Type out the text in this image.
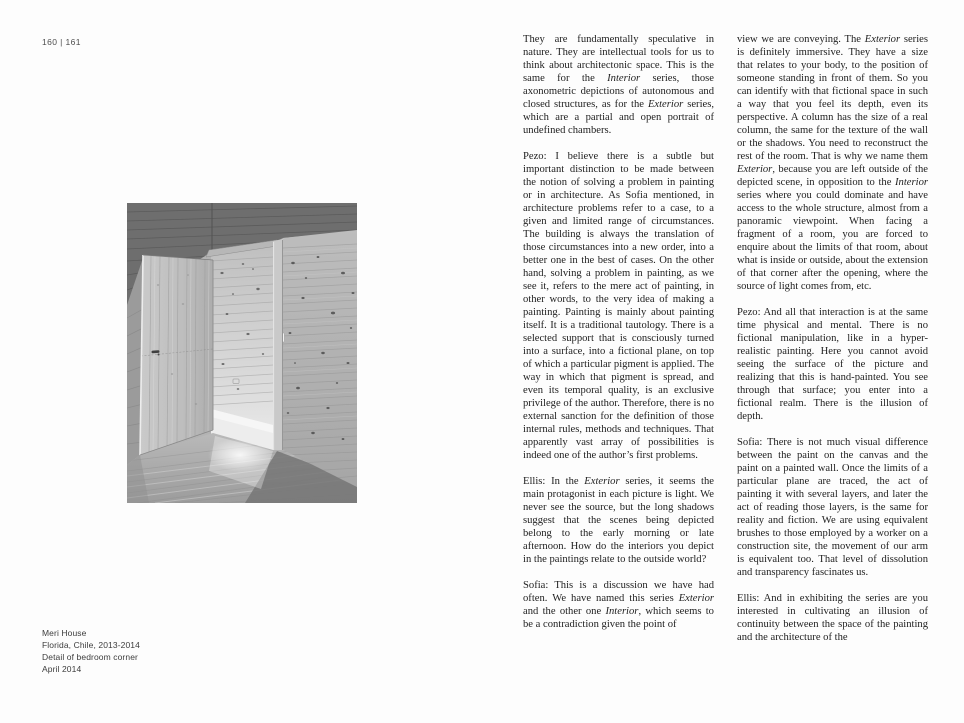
160 | 161
Meri House
Florida, Chile, 2013-2014
Detail of bedroom corner
April 2014

They are fundamentally speculative in nature. They are intellectual tools for us to think about architectonic space. This is the same for the Interior series, those axonometric depictions of autonomous and closed structures, as for the Exterior series, which are a partial and open portrait of undefined chambers.

Pezo: I believe there is a subtle but important distinction to be made between the notion of solving a problem in painting or in architecture. As Sofia mentioned, in architecture problems refer to a case, to a given and limited range of circumstances. The building is always the translation of those circumstances into a new order, into a better one in the best of cases. On the other hand, solving a problem in painting, as we see it, refers to the mere act of painting, in other words, to the very idea of making a painting. Painting is mainly about painting itself. It is a traditional tautology. There is a selected support that is consciously turned into a surface, into a fictional plane, on top of which a particular pigment is applied. The way in which that pigment is spread, and even its temporal quality, is an exclusive privilege of the author. Therefore, there is no external sanction for the definition of those internal rules, methods and techniques. That apparently vast array of possibilities is indeed one of the author’s first problems.

Ellis: In the Exterior series, it seems the main protagonist in each picture is light. We never see the source, but the long shadows suggest that the scenes being depicted belong to the early morning or late afternoon. How do the interiors you depict in the paintings relate to the outside world?

Sofia: This is a discussion we have had often. We have named this series Exterior and the other one Interior, which seems to be a contradiction given the point of

view we are conveying. The Exterior series is definitely immersive. They have a size that relates to your body, to the position of someone standing in front of them. So you can identify with that fictional space in such a way that you feel its depth, even its perspective. A column has the size of a real column, the same for the texture of the wall or the shadows. You need to reconstruct the rest of the room. That is why we name them Exterior, because you are left outside of the depicted scene, in opposition to the Interior series where you could dominate and have access to the whole structure, almost from a panoramic viewpoint. When facing a fragment of a room, you are forced to enquire about the limits of that room, about what is inside or outside, about the extension of that corner after the opening, where the source of light comes from, etc.

Pezo: And all that interaction is at the same time physical and mental. There is no fictional manipulation, like in a hyper-realistic painting. Here you cannot avoid seeing the surface of the picture and realizing that this is hand-painted. You see through that surface; you enter into a fictional realm. There is the illusion of depth.

Sofia: There is not much visual difference between the paint on the canvas and the paint on a painted wall. Once the limits of a particular plane are traced, the act of painting it with several layers, and later the act of reading those layers, is the same for reality and fiction. We are using equivalent brushes to those employed by a worker on a construction site, the movement of our arm is equivalent too. That level of dissolution and transparency fascinates us.

Ellis: And in exhibiting the series are you interested in cultivating an illusion of continuity between the space of the painting and the architecture of the
